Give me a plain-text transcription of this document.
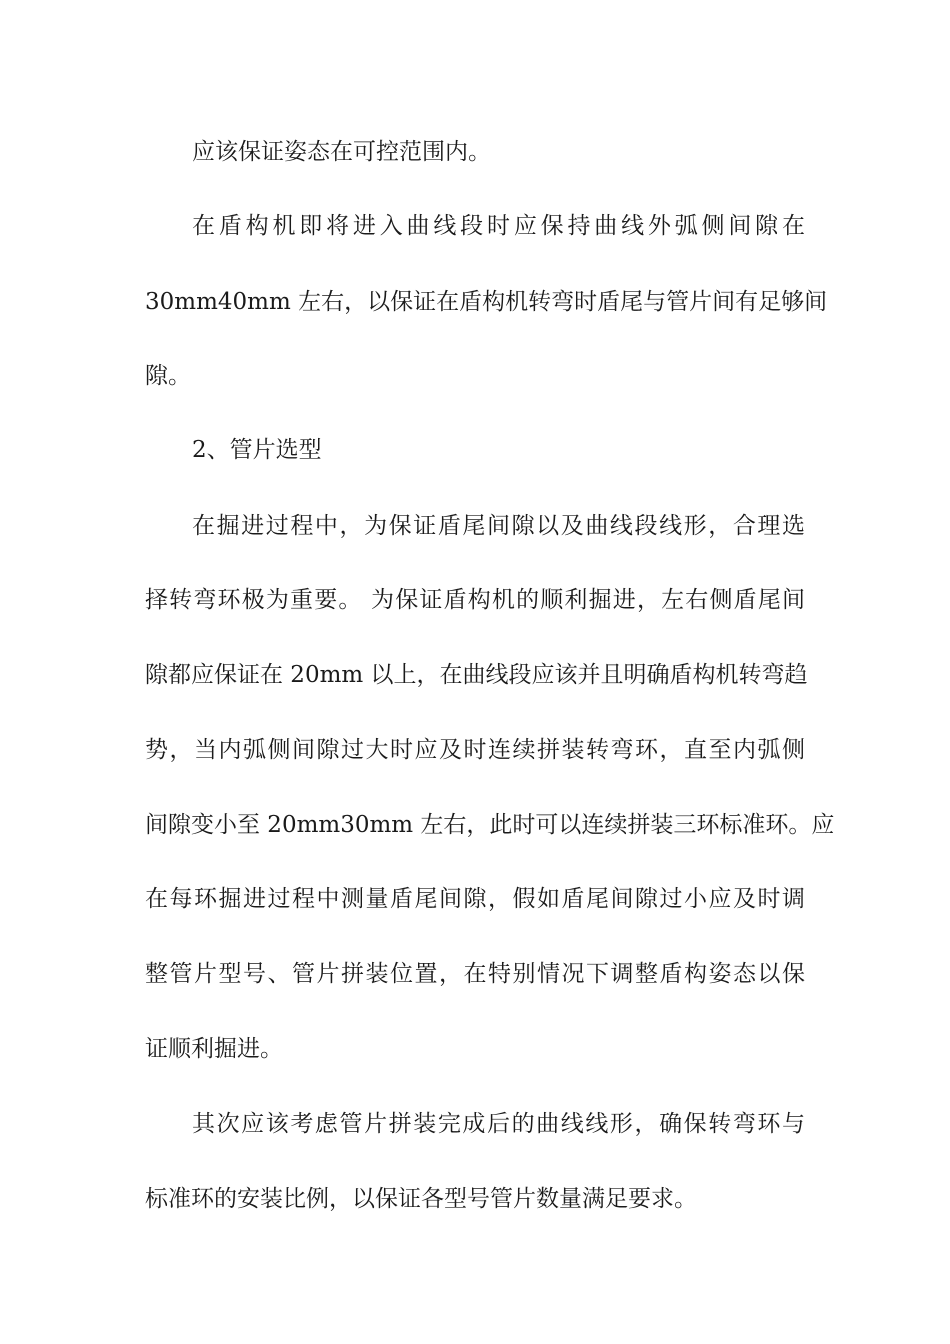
应该保证姿态在可控范围内。
在盾构机即将进入曲线段时应保持曲线外弧侧间隙在
30mm40mm 左右，以保证在盾构机转弯时盾尾与管片间有足够间
隙。
2、管片选型
在掘进过程中，为保证盾尾间隙以及曲线段线形，合理选
择转弯环极为重要。 为保证盾构机的顺利掘进，左右侧盾尾间
隙都应保证在 20mm 以上，在曲线段应该并且明确盾构机转弯趋
势，当内弧侧间隙过大时应及时连续拼装转弯环，直至内弧侧
间隙变小至 20mm30mm 左右，此时可以连续拼装三环标准环。应
在每环掘进过程中测量盾尾间隙，假如盾尾间隙过小应及时调
整管片型号、管片拼装位置，在特别情况下调整盾构姿态以保
证顺利掘进。
其次应该考虑管片拼装完成后的曲线线形，确保转弯环与
标准环的安装比例，以保证各型号管片数量满足要求。
